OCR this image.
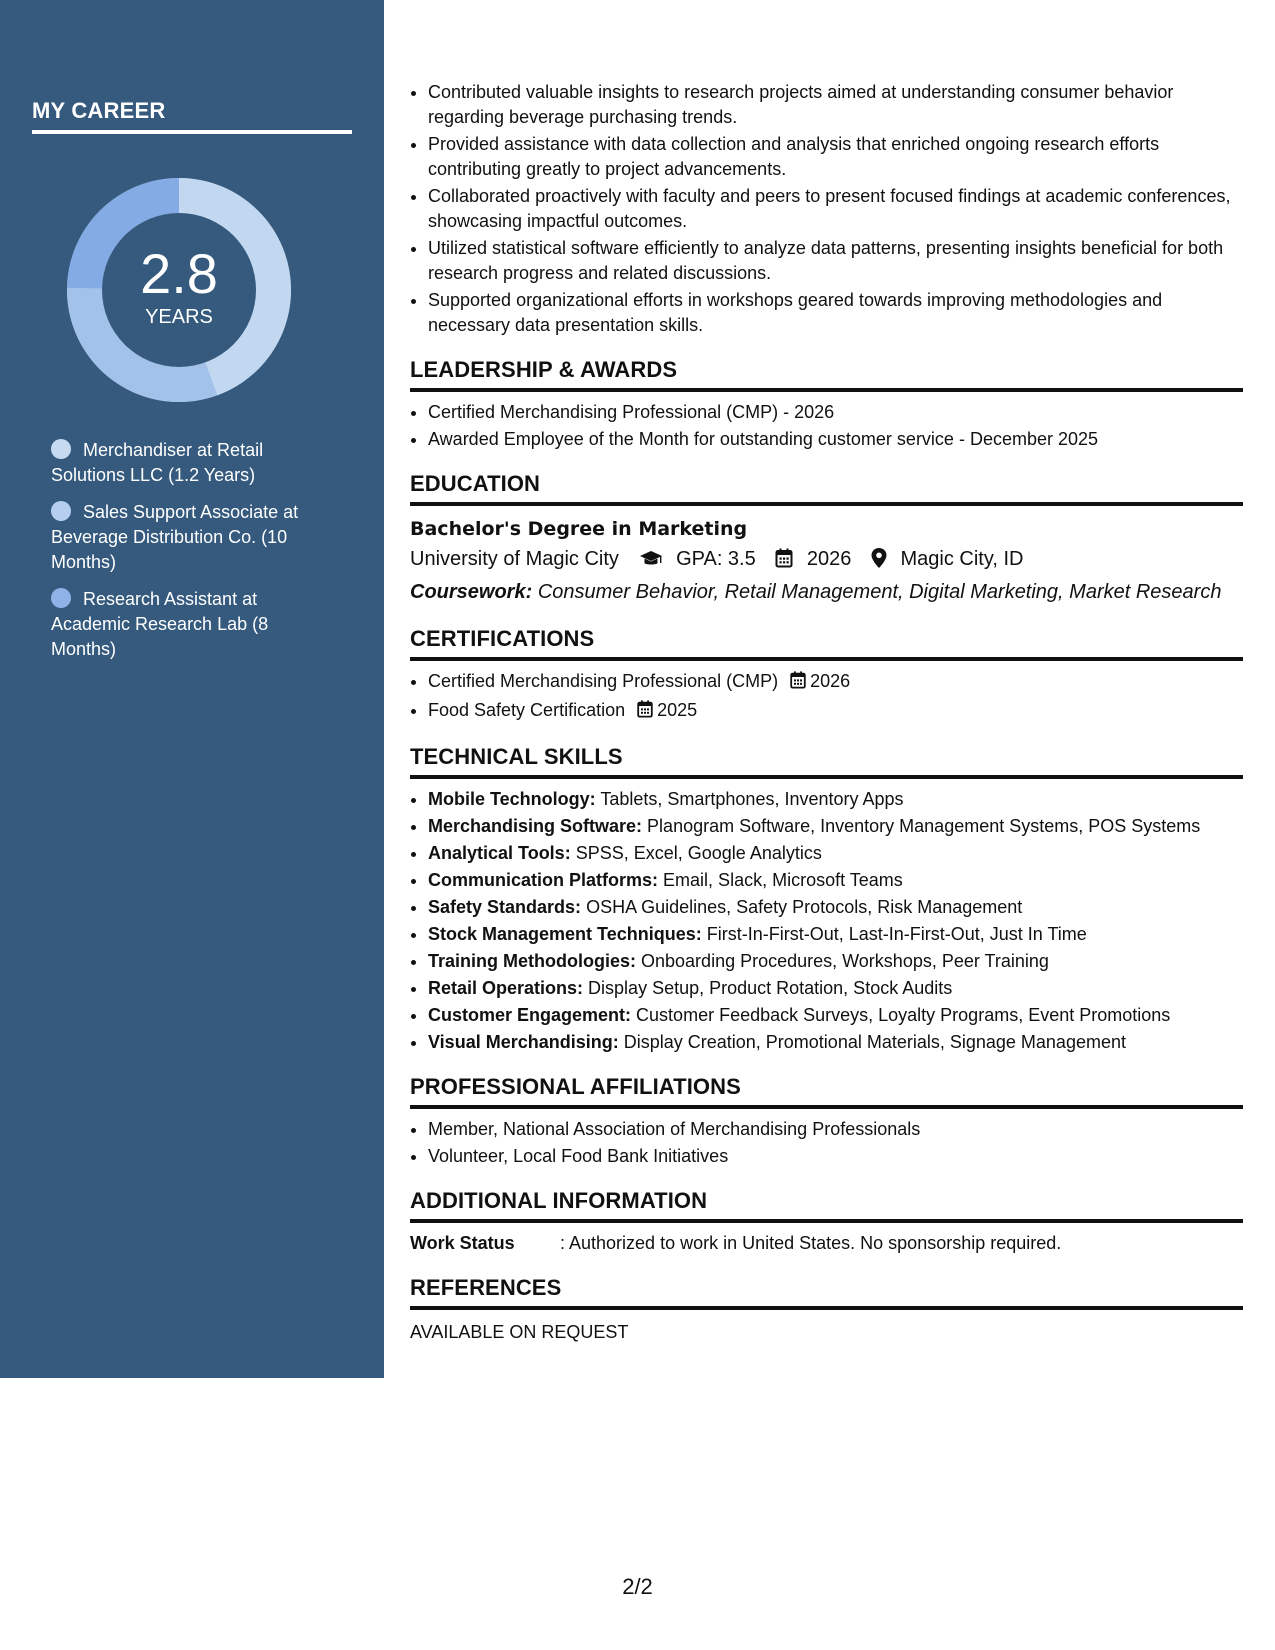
MY CAREER
2.8
YEARS
Merchandiser at Retail Solutions LLC (1.2 Years)
Sales Support Associate at Beverage Distribution Co. (10 Months)
Research Assistant at Academic Research Lab (8 Months)
• Contributed valuable insights to research projects aimed at understanding consumer behavior regarding beverage purchasing trends.
• Provided assistance with data collection and analysis that enriched ongoing research efforts contributing greatly to project advancements.
• Collaborated proactively with faculty and peers to present focused findings at academic conferences, showcasing impactful outcomes.
• Utilized statistical software efficiently to analyze data patterns, presenting insights beneficial for both research progress and related discussions.
• Supported organizational efforts in workshops geared towards improving methodologies and necessary data presentation skills.
LEADERSHIP & AWARDS
• Certified Merchandising Professional (CMP) - 2026
• Awarded Employee of the Month for outstanding customer service - December 2025
EDUCATION
Bachelor's Degree in Marketing
University of Magic City	GPA: 3.5	2026 Magic City, ID
Coursework: Consumer Behavior, Retail Management, Digital Marketing, Market Research
CERTIFICATIONS
• Certified Merchandising Professional (CMP) 2026
• Food Safety Certification 2025
TECHNICAL SKILLS
• Mobile Technology: Tablets, Smartphones, Inventory Apps
• Merchandising Software: Planogram Software, Inventory Management Systems, POS Systems
• Analytical Tools: SPSS, Excel, Google Analytics
• Communication Platforms: Email, Slack, Microsoft Teams
• Safety Standards: OSHA Guidelines, Safety Protocols, Risk Management
• Stock Management Techniques: First-In-First-Out, Last-In-First-Out, Just In Time
• Training Methodologies: Onboarding Procedures, Workshops, Peer Training
• Retail Operations: Display Setup, Product Rotation, Stock Audits
• Customer Engagement: Customer Feedback Surveys, Loyalty Programs, Event Promotions
• Visual Merchandising: Display Creation, Promotional Materials, Signage Management
PROFESSIONAL AFFILIATIONS
• Member, National Association of Merchandising Professionals
• Volunteer, Local Food Bank Initiatives
ADDITIONAL INFORMATION
Work Status	: Authorized to work in United States. No sponsorship required.
REFERENCES
AVAILABLE ON REQUEST
2/2
